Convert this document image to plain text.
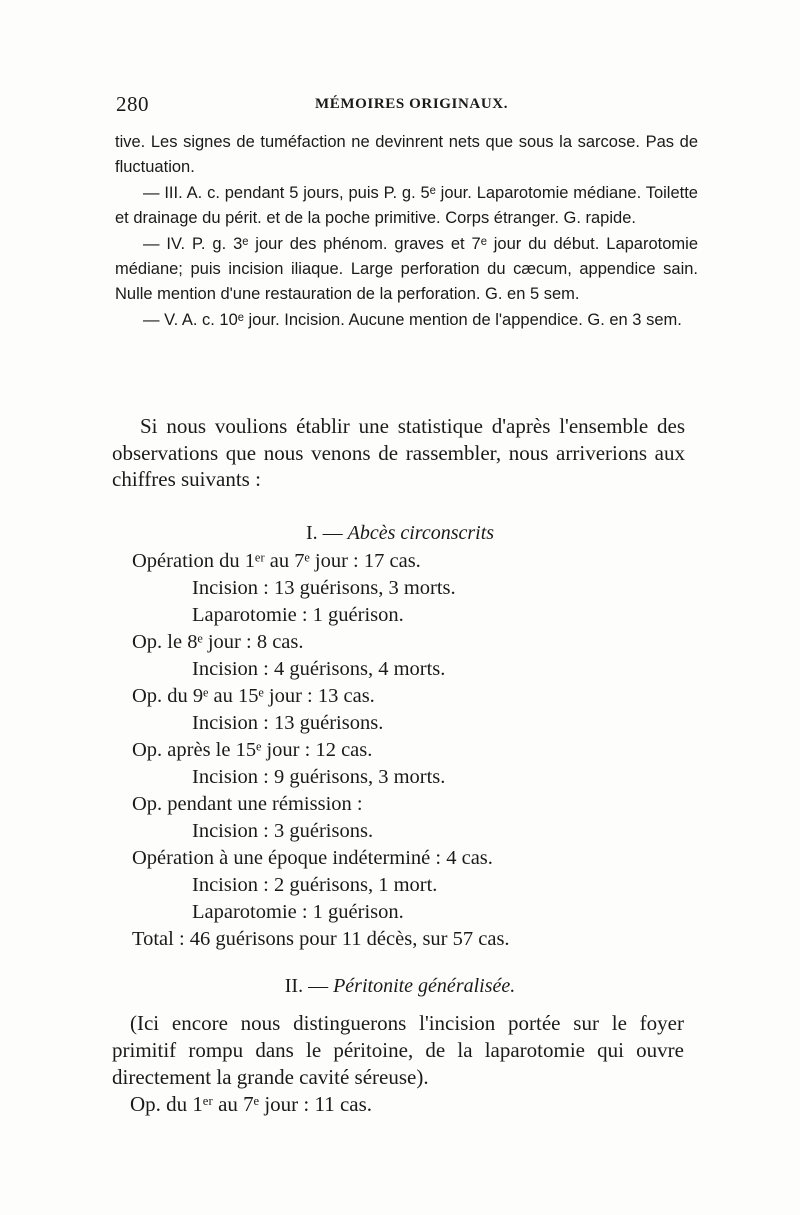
280	MÉMOIRES ORIGINAUX.

tive. Les signes de tuméfaction ne devinrent nets que sous la sarcose. Pas de fluctuation.

— III. A. c. pendant 5 jours, puis P. g. 5ᵉ jour. Laparotomie médiane. Toilette et drainage du périt. et de la poche primitive. Corps étranger. G. rapide.

— IV. P. g. 3ᵉ jour des phénom. graves et 7ᵉ jour du début. Laparotomie médiane; puis incision iliaque. Large perforation du cæcum, appendice sain. Nulle mention d'une restauration de la perforation. G. en 5 sem.

— V. A. c. 10ᵉ jour. Incision. Aucune mention de l'appendice. G. en 3 sem.

Si nous voulions établir une statistique d'après l'ensemble des observations que nous venons de rassembler, nous arriverions aux chiffres suivants :

I. — Abcès circonscrits
Opération du 1ᵉʳ au 7ᵉ jour : 17 cas.
Incision : 13 guérisons, 3 morts.
Laparotomie : 1 guérison.
Op. le 8ᵉ jour : 8 cas.
Incision : 4 guérisons, 4 morts.
Op. du 9ᵉ au 15ᵉ jour : 13 cas.
Incision : 13 guérisons.
Op. après le 15ᵉ jour : 12 cas.
Incision : 9 guérisons, 3 morts.
Op. pendant une rémission :
Incision : 3 guérisons.
Opération à une époque indéterminé : 4 cas.
Incision : 2 guérisons, 1 mort.
Laparotomie : 1 guérison.
Total : 46 guérisons pour 11 décès, sur 57 cas.
II. — Péritonite généralisée.

(Ici encore nous distinguerons l'incision portée sur le foyer primitif rompu dans le péritoine, de la laparotomie qui ouvre directement la grande cavité séreuse).

Op. du 1ᵉʳ au 7ᵉ jour : 11 cas.
